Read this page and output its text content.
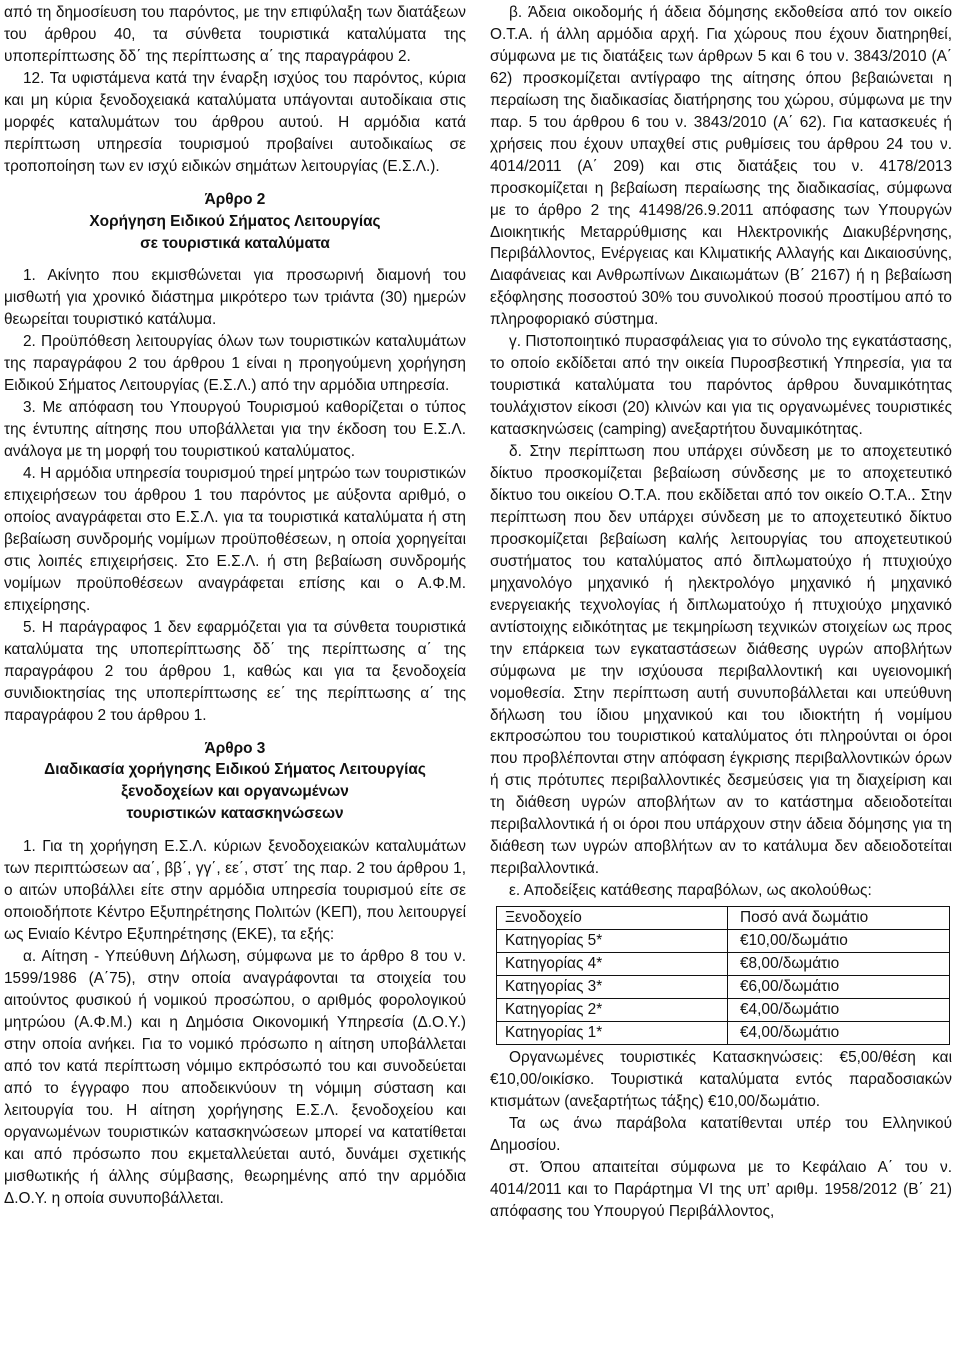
από τη δημοσίευση του παρόντος, με την επιφύλαξη των διατάξεων του άρθρου 40, τα σύνθετα τουριστικά καταλύματα της υποπερίπτωσης δδ΄ της περίπτωσης α΄ της παραγράφου 2.

12. Τα υφιστάμενα κατά την έναρξη ισχύος του παρόντος, κύρια και μη κύρια ξενοδοχειακά καταλύματα υπάγονται αυτοδίκαια στις μορφές καταλυμάτων του άρθρου αυτού. Η αρμόδια κατά περίπτωση υπηρεσία τουρισμού προβαίνει αυτοδικαίως σε τροποποίηση των εν ισχύ ειδικών σημάτων λειτουργίας (Ε.Σ.Λ.).

Άρθρο 2
Χορήγηση Ειδικού Σήματος Λειτουργίας
σε τουριστικά καταλύματα

1. Ακίνητο που εκμισθώνεται για προσωρινή διαμονή του μισθωτή για χρονικό διάστημα μικρότερο των τριάντα (30) ημερών θεωρείται τουριστικό κατάλυμα.

2. Προϋπόθεση λειτουργίας όλων των τουριστικών καταλυμάτων της παραγράφου 2 του άρθρου 1 είναι η προηγούμενη χορήγηση Ειδικού Σήματος Λειτουργίας (Ε.Σ.Λ.) από την αρμόδια υπηρεσία.

3. Με απόφαση του Υπουργού Τουρισμού καθορίζεται ο τύπος της έντυπης αίτησης που υποβάλλεται για την έκδοση του Ε.Σ.Λ. ανάλογα με τη μορφή του τουριστικού καταλύματος.

4. Η αρμόδια υπηρεσία τουρισμού τηρεί μητρώο των τουριστικών επιχειρήσεων του άρθρου 1 του παρόντος με αύξοντα αριθμό, ο οποίος αναγράφεται στο Ε.Σ.Λ. για τα τουριστικά καταλύματα ή στη βεβαίωση συνδρομής νομίμων προϋποθέσεων, η οποία χορηγείται στις λοιπές επιχειρήσεις. Στο Ε.Σ.Λ. ή στη βεβαίωση συνδρομής νομίμων προϋποθέσεων αναγράφεται επίσης και ο Α.Φ.Μ. επιχείρησης.

5. Η παράγραφος 1 δεν εφαρμόζεται για τα σύνθετα τουριστικά καταλύματα της υποπερίπτωσης δδ΄ της περίπτωσης α΄ της παραγράφου 2 του άρθρου 1, καθώς και για τα ξενοδοχεία συνιδιοκτησίας της υποπερίπτωσης εε΄ της περίπτωσης α΄ της παραγράφου 2 του άρθρου 1.

Άρθρο 3
Διαδικασία χορήγησης Ειδικού Σήματος Λειτουργίας
ξενοδοχείων και οργανωμένων
τουριστικών κατασκηνώσεων

1. Για τη χορήγηση Ε.Σ.Λ. κύριων ξενοδοχειακών καταλυμάτων των περιπτώσεων αα΄, ββ΄, γγ΄, εε΄, στστ΄ της παρ. 2 του άρθρου 1, ο αιτών υποβάλλει είτε στην αρμόδια υπηρεσία τουρισμού είτε σε οποιοδήποτε Κέντρο Εξυπηρέτησης Πολιτών (ΚΕΠ), που λειτουργεί ως Ενιαίο Κέντρο Εξυπηρέτησης (ΕΚΕ), τα εξής:

α. Αίτηση - Υπεύθυνη Δήλωση, σύμφωνα με το άρθρο 8 του ν. 1599/1986 (Α΄75), στην οποία αναγράφονται τα στοιχεία του αιτούντος φυσικού ή νομικού προσώπου, ο αριθμός φορολογικού μητρώου (Α.Φ.Μ.) και η Δημόσια Οικονομική Υπηρεσία (Δ.Ο.Υ.) στην οποία ανήκει. Για το νομικό πρόσωπο η αίτηση υποβάλλεται από τον κατά περίπτωση νόμιμο εκπρόσωπό του και συνοδεύεται από το έγγραφο που αποδεικνύουν τη νόμιμη σύσταση και λειτουργία του. Η αίτηση χορήγησης Ε.Σ.Λ. ξενοδοχείου και οργανωμένων τουριστικών κατασκηνώσεων μπορεί να κατατίθεται και από πρόσωπο που εκμεταλλεύεται αυτό, δυνάμει σχετικής μισθωτικής ή άλλης σύμβασης, θεωρημένης από την αρμόδια Δ.Ο.Υ. η οποία συνυποβάλλεται.

β. Άδεια οικοδομής ή άδεια δόμησης εκδοθείσα από τον οικείο Ο.Τ.Α. ή άλλη αρμόδια αρχή. Για χώρους που έχουν διατηρηθεί, σύμφωνα με τις διατάξεις των άρθρων 5 και 6 του ν. 3843/2010 (Α΄ 62) προσκομίζεται αντίγραφο της αίτησης όπου βεβαιώνεται η περαίωση της διαδικασίας διατήρησης του χώρου, σύμφωνα με την παρ. 5 του άρθρου 6 του ν. 3843/2010 (Α΄ 62). Για κατασκευές ή χρήσεις που έχουν υπαχθεί στις ρυθμίσεις του άρθρου 24 του ν. 4014/2011 (Α΄ 209) και στις διατάξεις του ν. 4178/2013 προσκομίζεται η βεβαίωση περαίωσης της διαδικασίας, σύμφωνα με το άρθρο 2 της 41498/26.9.2011 απόφασης των Υπουργών Διοικητικής Μεταρρύθμισης και Ηλεκτρονικής Διακυβέρνησης, Περιβάλλοντος, Ενέργειας και Κλιματικής Αλλαγής και Δικαιοσύνης, Διαφάνειας και Ανθρωπίνων Δικαιωμάτων (Β΄ 2167) ή η βεβαίωση εξόφλησης ποσοστού 30% του συνολικού ποσού προστίμου από το πληροφοριακό σύστημα.

γ. Πιστοποιητικό πυρασφάλειας για το σύνολο της εγκατάστασης, το οποίο εκδίδεται από την οικεία Πυροσβεστική Υπηρεσία, για τα τουριστικά καταλύματα του παρόντος άρθρου δυναμικότητας τουλάχιστον είκοσι (20) κλινών και για τις οργανωμένες τουριστικές κατασκηνώσεις (camping) ανεξαρτήτου δυναμικότητας.

δ. Στην περίπτωση που υπάρχει σύνδεση με το αποχετευτικό δίκτυο προσκομίζεται βεβαίωση σύνδεσης με το αποχετευτικό δίκτυο του οικείου Ο.Τ.Α. που εκδίδεται από τον οικείο Ο.Τ.Α.. Στην περίπτωση που δεν υπάρχει σύνδεση με το αποχετευτικό δίκτυο προσκομίζεται βεβαίωση καλής λειτουργίας του αποχετευτικού συστήματος του καταλύματος από διπλωματούχο ή πτυχιούχο μηχανολόγο μηχανικό ή ηλεκτρολόγο μηχανικό ή μηχανικό ενεργειακής τεχνολογίας ή διπλωματούχο ή πτυχιούχο μηχανικό αντίστοιχης ειδικότητας με τεκμηρίωση τεχνικών στοιχείων ως προς την επάρκεια των εγκαταστάσεων διάθεσης υγρών αποβλήτων σύμφωνα με την ισχύουσα περιβαλλοντική και υγειονομική νομοθεσία. Στην περίπτωση αυτή συνυποβάλλεται και υπεύθυνη δήλωση του ίδιου μηχανικού και του ιδιοκτήτη ή νομίμου εκπροσώπου του τουριστικού καταλύματος ότι πληρούνται οι όροι που προβλέπονται στην απόφαση έγκρισης περιβαλλοντικών όρων ή στις πρότυπες περιβαλλοντικές δεσμεύσεις για τη διαχείριση και τη διάθεση υγρών αποβλήτων αν το κατάστημα αδειοδοτείται περιβαλλοντικά ή οι όροι που υπάρχουν στην άδεια δόμησης για τη διάθεση των υγρών αποβλήτων αν το κατάλυμα δεν αδειοδοτείται περιβαλλοντικά.

ε. Αποδείξεις κατάθεσης παραβόλων, ως ακολούθως:

Ξενοδοχείο	Ποσό ανά δωμάτιο
Κατηγορίας 5*	€10,00/δωμάτιο
Κατηγορίας 4*	€8,00/δωμάτιο
Κατηγορίας 3*	€6,00/δωμάτιο
Κατηγορίας 2*	€4,00/δωμάτιο
Κατηγορίας 1*	€4,00/δωμάτιο

Οργανωμένες τουριστικές Κατασκηνώσεις: €5,00/θέση και €10,00/οικίσκο. Τουριστικά καταλύματα εντός παραδοσιακών κτισμάτων (ανεξαρτήτως τάξης) €10,00/δωμάτιο.

Τα ως άνω παράβολα κατατίθενται υπέρ του Ελληνικού Δημοσίου.

στ. Όπου απαιτείται σύμφωνα με το Κεφάλαιο Α΄ του ν. 4014/2011 και το Παράρτημα VI της υπ’ αριθμ. 1958/2012 (Β΄ 21) απόφασης του Υπουργού Περιβάλλοντος,
